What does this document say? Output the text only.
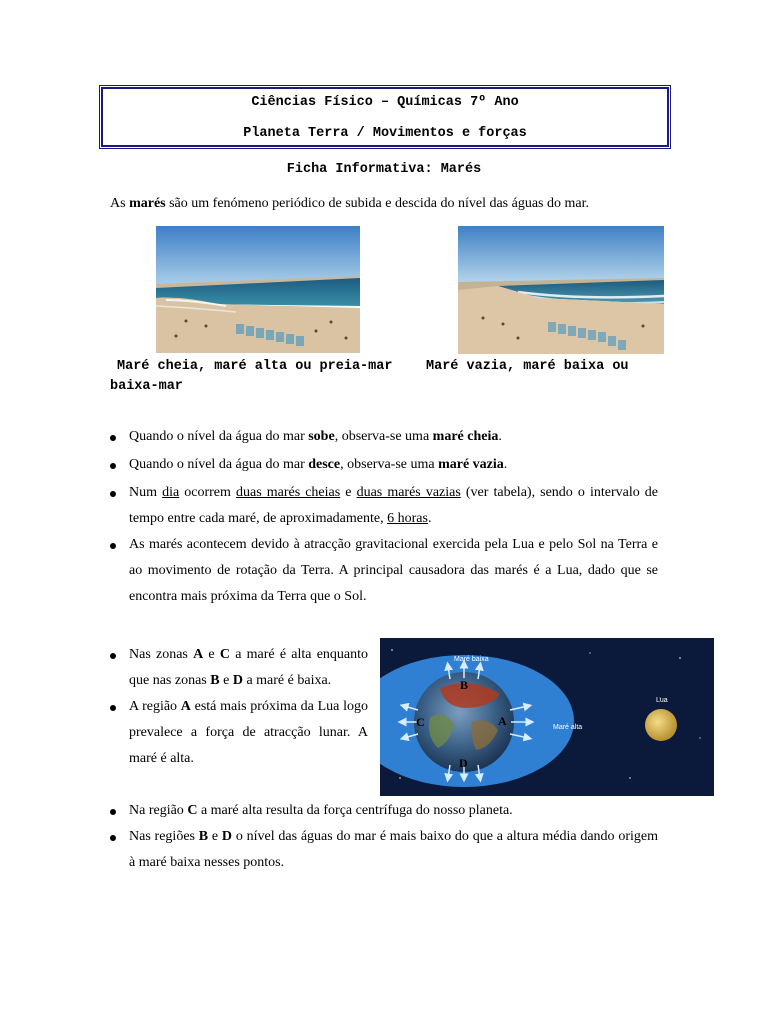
Ciências Físico – Químicas 7º Ano
Planeta Terra / Movimentos e forças
Ficha Informativa: Marés
As marés são um fenómeno periódico de subida e descida do nível das águas do mar.
Maré cheia, maré alta ou preia-mar Maré vazia, maré baixa ou
baixa-mar
Quando o nível da água do mar sobe, observa-se uma maré cheia.
Quando o nível da água do mar desce, observa-se uma maré vazia.
Num dia ocorrem duas marés cheias e duas marés vazias (ver tabela), sendo o intervalo de tempo entre cada maré, de aproximadamente, 6 horas.
As marés acontecem devido à atracção gravitacional exercida pela Lua e pelo Sol na Terra e ao movimento de rotação da Terra. A principal causadora das marés é a Lua, dado que se encontra mais próxima da Terra que o Sol.
Nas zonas A e C a maré é alta enquanto que nas zonas B e D a maré é baixa.
A região A está mais próxima da Lua logo prevalece a força de atracção lunar. A maré é alta.
Na região C a maré alta resulta da força centrífuga do nosso planeta.
Nas regiões B e D o nível das águas do mar é mais baixo do que a altura média dando origem à maré baixa nesses pontos.
Maré baixa
Maré alta
Lua
B
A
C
D
